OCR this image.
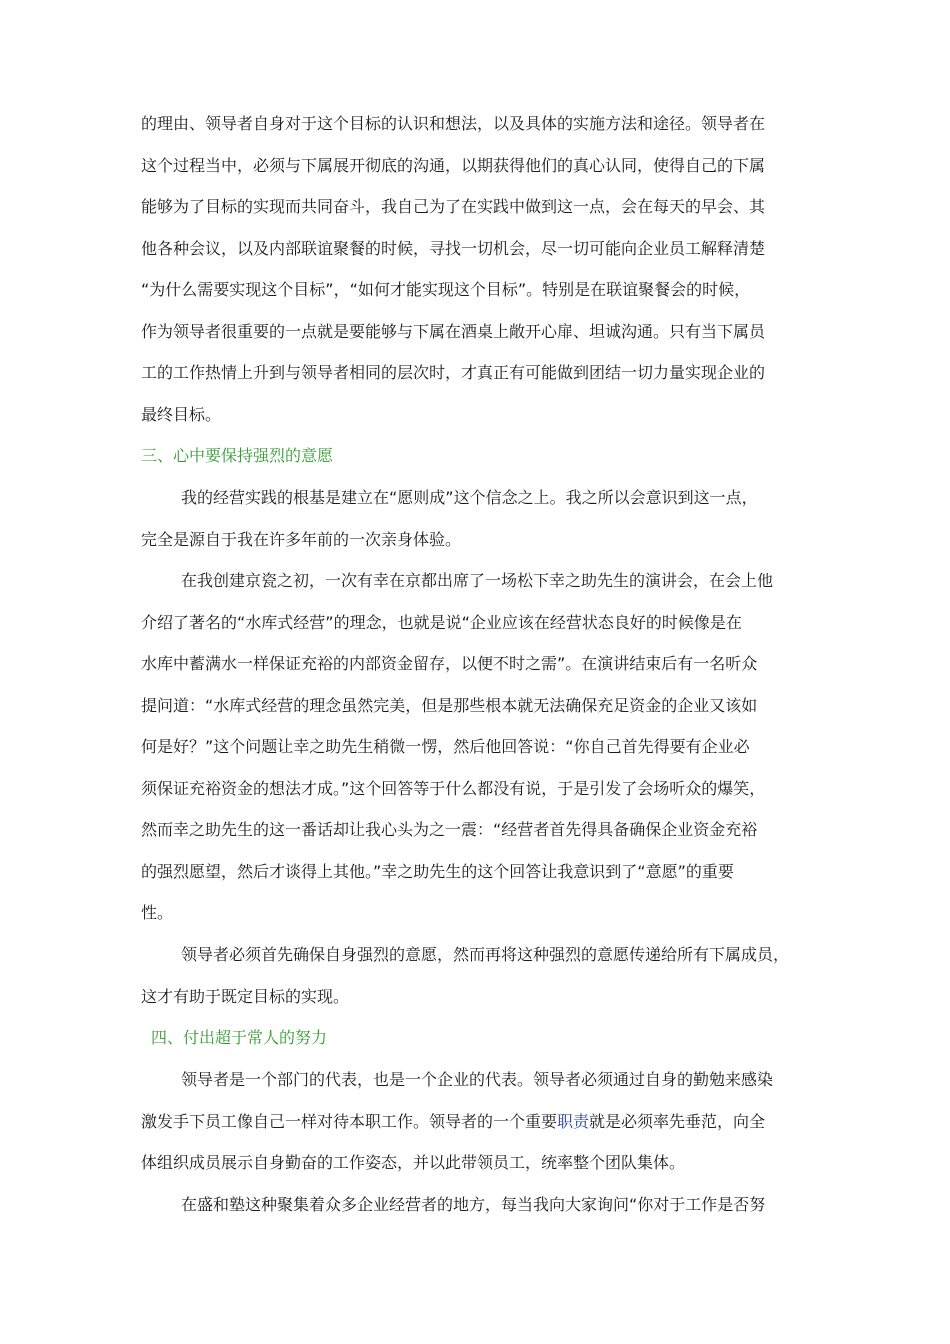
的理由、领导者自身对于这个目标的认识和想法，以及具体的实施方法和途径。领导者在
这个过程当中，必须与下属展开彻底的沟通，以期获得他们的真心认同，使得自己的下属
能够为了目标的实现而共同奋斗，我自己为了在实践中做到这一点，会在每天的早会、其
他各种会议，以及内部联谊聚餐的时候，寻找一切机会，尽一切可能向企业员工解释清楚
“为什么需要实现这个目标”，“如何才能实现这个目标”。特别是在联谊聚餐会的时候，
作为领导者很重要的一点就是要能够与下属在酒桌上敞开心扉、坦诚沟通。只有当下属员
工的工作热情上升到与领导者相同的层次时，才真正有可能做到团结一切力量实现企业的
最终目标。
三、心中要保持强烈的意愿
我的经营实践的根基是建立在“愿则成”这个信念之上。我之所以会意识到这一点，
完全是源自于我在许多年前的一次亲身体验。
在我创建京瓷之初，一次有幸在京都出席了一场松下幸之助先生的演讲会，在会上他
介绍了著名的“水库式经营”的理念，也就是说“企业应该在经营状态良好的时候像是在
水库中蓄满水一样保证充裕的内部资金留存，以便不时之需”。在演讲结束后有一名听众
提问道：“水库式经营的理念虽然完美，但是那些根本就无法确保充足资金的企业又该如
何是好？”这个问题让幸之助先生稍微一愣，然后他回答说：“你自己首先得要有企业必
须保证充裕资金的想法才成。”这个回答等于什么都没有说，于是引发了会场听众的爆笑，
然而幸之助先生的这一番话却让我心头为之一震：“经营者首先得具备确保企业资金充裕
的强烈愿望，然后才谈得上其他。”幸之助先生的这个回答让我意识到了“意愿”的重要
性。
领导者必须首先确保自身强烈的意愿，然而再将这种强烈的意愿传递给所有下属成员，
这才有助于既定目标的实现。
四、付出超于常人的努力
领导者是一个部门的代表，也是一个企业的代表。领导者必须通过自身的勤勉来感染
激发手下员工像自己一样对待本职工作。领导者的一个重要职责就是必须率先垂范，向全
体组织成员展示自身勤奋的工作姿态，并以此带领员工，统率整个团队集体。
在盛和塾这种聚集着众多企业经营者的地方，每当我向大家询问“你对于工作是否努
